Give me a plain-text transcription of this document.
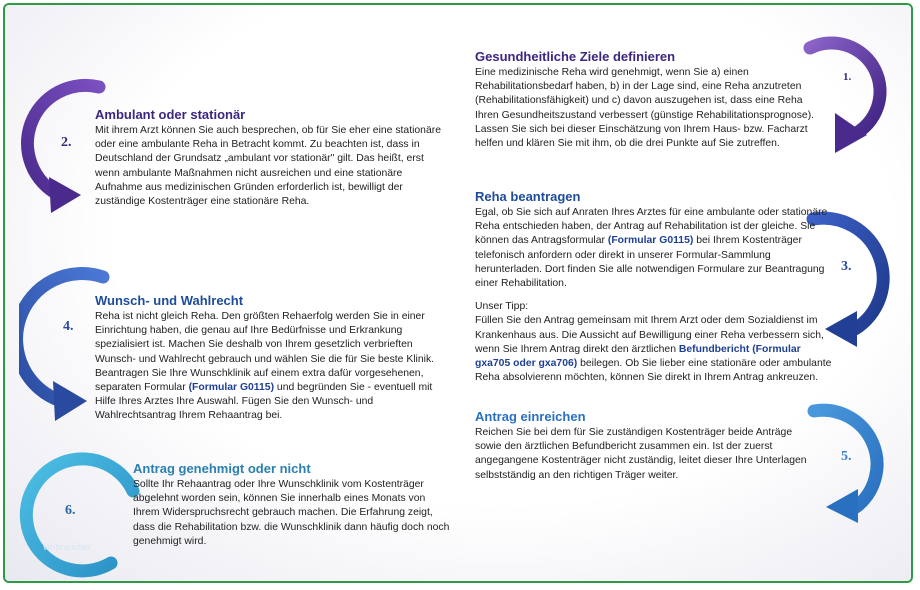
1.
2.
3.
4.
5.
6.
verbraucher
Gesundheitliche Ziele definieren

Eine medizinische Reha wird genehmigt, wenn Sie a) einen Rehabilitationsbedarf haben, b) in der Lage sind, eine Reha anzutreten (Rehabilitationsfähigkeit) und c) davon auszugehen ist, dass eine Reha Ihren Gesundheitszustand verbessert (günstige Rehabilitationsprognose). Lassen Sie sich bei dieser Einschätzung von Ihrem Haus- bzw. Facharzt helfen und klären Sie mit ihm, ob die drei Punkte auf Sie zutreffen.

Ambulant oder stationär

Mit ihrem Arzt können Sie auch besprechen, ob für Sie eher eine stationäre oder eine ambulante Reha in Betracht kommt. Zu beachten ist, dass in Deutschland der Grundsatz „ambulant vor stationär" gilt. Das heißt, erst wenn ambulante Maßnahmen nicht ausreichen und eine stationäre Aufnahme aus medizinischen Gründen erforderlich ist, bewilligt der zuständige Kostenträger eine stationäre Reha.	Reha beantragen

Egal, ob Sie sich auf Anraten Ihres Arztes für eine ambulante oder stationäre Reha entschieden haben, der Antrag auf Rehabilitation ist der gleiche. Sie können das Antragsformular (Formular G0115) bei Ihrem Kostenträger telefonisch anfordern oder direkt in unserer Formular-Sammlung herunterladen. Dort finden Sie alle notwendigen Formulare zur Beantragung einer Rehabilitation.

Unser Tipp:
Füllen Sie den Antrag gemeinsam mit Ihrem Arzt oder dem Sozialdienst im Krankenhaus aus. Die Aussicht auf Bewilligung einer Reha verbessern sich, wenn Sie Ihrem Antrag direkt den ärztlichen Befundbericht (Formular gxa705 oder gxa706) beilegen. Ob Sie lieber eine stationäre oder ambulante Reha absolvierenn möchten, können Sie direkt in Ihrem Antrag ankreuzen.

Wunsch- und Wahlrecht

Reha ist nicht gleich Reha. Den größten Rehaerfolg werden Sie in einer Einrichtung haben, die genau auf Ihre Bedürfnisse und Erkrankung spezialisiert ist. Machen Sie deshalb von Ihrem gesetzlich verbrieften Wunsch- und Wahlrecht gebrauch und wählen Sie die für Sie beste Klinik. Beantragen Sie Ihre Wunschklinik auf einem extra dafür vorgesehenen, separaten Formular (Formular G0115) und begründen Sie - eventuell mit Hilfe Ihres Arztes Ihre Auswahl. Fügen Sie den Wunsch- und Wahlrechtsantrag Ihrem Rehaantrag bei.	Antrag einreichen

Reichen Sie bei dem für Sie zuständigen Kostenträger beide Anträge sowie den ärztlichen Befundbericht zusammen ein. Ist der zuerst angegangene Kostenträger nicht zuständig, leitet dieser Ihre Unterlagen selbstständig an den richtigen Träger weiter.

Antrag genehmigt oder nicht

Sollte Ihr Rehaantrag oder Ihre Wunschklinik vom Kostenträger abgelehnt worden sein, können Sie innerhalb eines Monats von Ihrem Widerspruchsrecht gebrauch machen. Die Erfahrung zeigt, dass die Rehabilitation bzw. die Wunschklinik dann häufig doch noch genehmigt wird.
